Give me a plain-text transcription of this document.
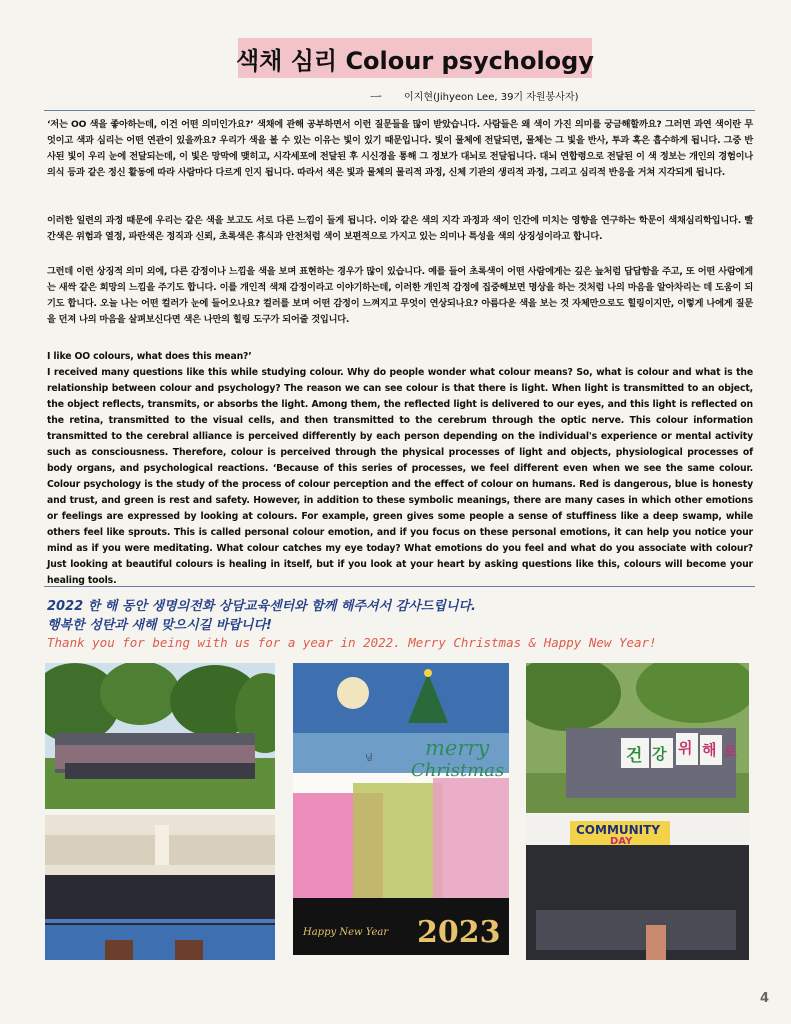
색채 심리 Colour psychology
ㅡ 이지현(Jihyeon Lee, 39기 자원봉사자)
‘저는 OO 색을 좋아하는데, 이건 어떤 의미인가요?’ 색채에 관해 공부하면서 이런 질문들을 많이 받았습니다. 사람들은 왜 색이 가진 의미를 궁금해할까요? 그러면 과연 색이란 무엇이고 색과 심리는 어떤 연관이 있을까요? 우리가 색을 볼 수 있는 이유는 빛이 있기 때문입니다. 빛이 물체에 전달되면, 물체는 그 빛을 반사, 투과 혹은 흡수하게 됩니다. 그중 반사된 빛이 우리 눈에 전달되는데, 이 빛은 망막에 맺히고, 시각세포에 전달된 후 시신경을 통해 그 정보가 대뇌로 전달됩니다. 대뇌 연합령으로 전달된 이 색 정보는 개인의 경험이나 의식 등과 같은 정신 활동에 따라 사람마다 다르게 인지 됩니다. 따라서 색은 빛과 물체의 물리적 과정, 신체 기관의 생리적 과정, 그리고 심리적 반응을 거쳐 지각되게 됩니다.
이러한 일련의 과정 때문에 우리는 같은 색을 보고도 서로 다른 느낌이 들게 됩니다. 이와 같은 색의 지각 과정과 색이 인간에 미치는 영향을 연구하는 학문이 색채심리학입니다. 빨간색은 위험과 열정, 파란색은 정직과 신뢰, 초록색은 휴식과 안전처럼 색이 보편적으로 가지고 있는 의미나 특성을 색의 상징성이라고 합니다.
그런데 이런 상징적 의미 외에, 다른 감정이나 느낌을 색을 보며 표현하는 경우가 많이 있습니다. 예를 들어 초록색이 어떤 사람에게는 깊은 늪처럼 답답함을 주고, 또 어떤 사람에게는 새싹 같은 희망의 느낌을 주기도 합니다. 이를 개인적 색채 감정이라고 이야기하는데, 이러한 개인적 감정에 집중해보면 명상을 하는 것처럼 나의 마음을 알아차리는 데 도움이 되기도 합니다. 오늘 나는 어떤 컬러가 눈에 들어오나요? 컬러를 보며 어떤 감정이 느껴지고 무엇이 연상되나요? 아름다운 색을 보는 것 자체만으로도 힐링이지만, 이렇게 나에게 질문을 던져 나의 마음을 살펴보신다면 색은 나만의 힐링 도구가 되어줄 것입니다.
I like OO colours, what does this mean?’
I received many questions like this while studying colour. Why do people wonder what colour means? So, what is colour and what is the relationship between colour and psychology? The reason we can see colour is that there is light. When light is transmitted to an object, the object reflects, transmits, or absorbs the light. Among them, the reflected light is delivered to our eyes, and this light is reflected on the retina, transmitted to the visual cells, and then transmitted to the cerebrum through the optic nerve. This colour information transmitted to the cerebral alliance is perceived differently by each person depending on the individual's experience or mental activity such as consciousness. Therefore, colour is perceived through the physical processes of light and objects, physiological processes of body organs, and psychological reactions. ‘Because of this series of processes, we feel different even when we see the same colour. Colour psychology is the study of the process of colour perception and the effect of colour on humans. Red is dangerous, blue is honesty and trust, and green is rest and safety. However, in addition to these symbolic meanings, there are many cases in which other emotions or feelings are expressed by looking at colours. For example, green gives some people a sense of stuffiness like a deep swamp, while others feel like sprouts. This is called personal colour emotion, and if you focus on these personal emotions, it can help you notice your mind as if you were meditating. What colour catches my eye today? What emotions do you feel and what do you associate with colour? Just looking at beautiful colours is healing in itself, but if you look at your heart by asking questions like this, colours will become your healing tools.
2022 한 해 동안 생명의전화 상담교육센터와 함께 해주셔서 감사드립니다.
행복한 성탄과 새해 맞으시길 바랍니다!
Thank you for being with us for a year in 2022. Merry Christmas & Happy New Year!
merry
Christmas
님
Happy New Year 2023
건 강 위 해 로
COMMUNITY
DAY
4
